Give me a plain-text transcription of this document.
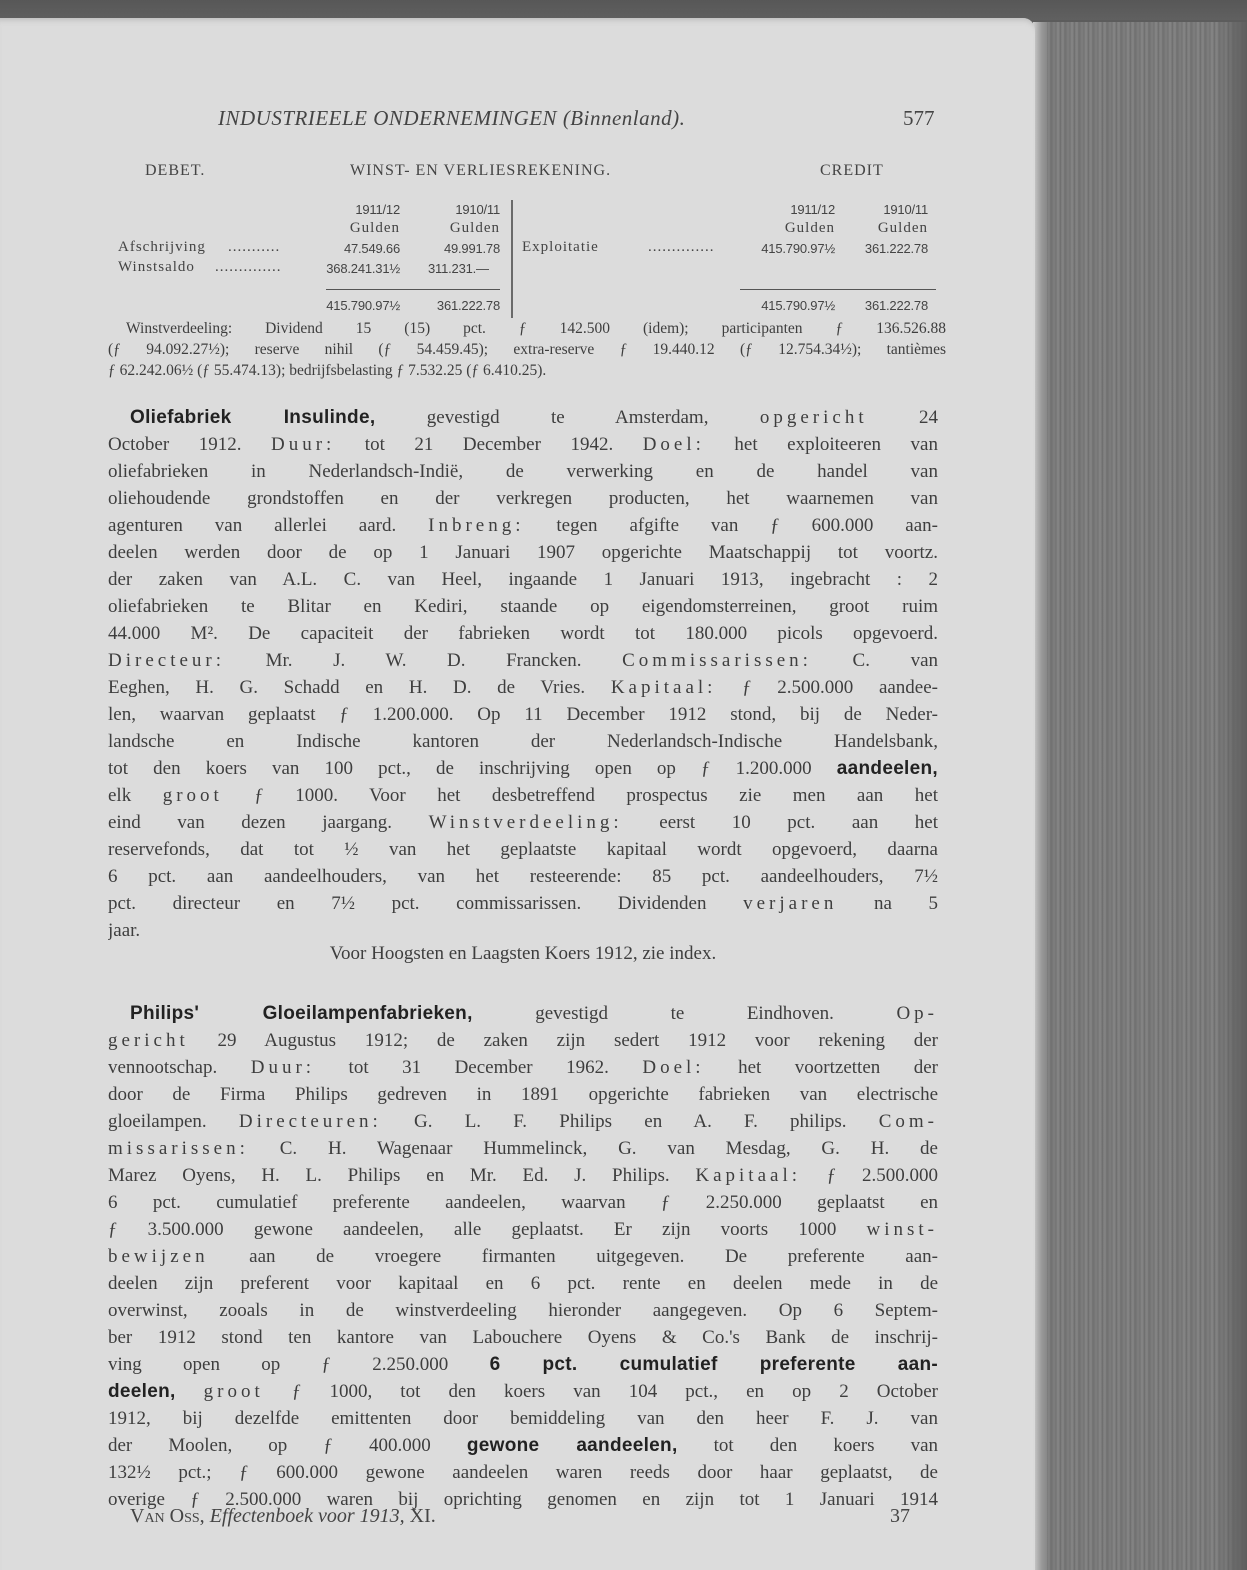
INDUSTRIEELE ONDERNEMINGEN (Binnenland).	577
DEBET.	WINST- EN VERLIESREKENING.	CREDIT
1911/12	1910/11
Gulden	Gulden
Afschrijving ...........	47.549.66	49.991.78
Winstsaldo ..............	368.241.31½	311.231.—
415.790.97½	361.222.78
1911/12	1910/11
Gulden	Gulden
Exploitatie	..............	415.790.97½	361.222.78
415.790.97½	361.222.78
Winstverdeeling: Dividend 15 (15) pct. ƒ 142.500 (idem); participanten ƒ 136.526.88
(ƒ 94.092.27½); reserve nihil (ƒ 54.459.45); extra-reserve ƒ 19.440.12 (ƒ 12.754.34½); tantièmes
ƒ 62.242.06½ (ƒ 55.474.13); bedrijfsbelasting ƒ 7.532.25 (ƒ 6.410.25).
Oliefabriek Insulinde, gevestigd te Amsterdam, opgericht 24
October 1912. Duur: tot 21 December 1942. Doel: het exploiteeren van
oliefabrieken in Nederlandsch-Indië, de verwerking en de handel van
oliehoudende grondstoffen en der verkregen producten, het waarnemen van
agenturen van allerlei aard. Inbreng: tegen afgifte van ƒ 600.000 aan-
deelen werden door de op 1 Januari 1907 opgerichte Maatschappij tot voortz.
der zaken van A.L. C. van Heel, ingaande 1 Januari 1913, ingebracht : 2
oliefabrieken te Blitar en Kediri, staande op eigendomsterreinen, groot ruim
44.000 M². De capaciteit der fabrieken wordt tot 180.000 picols opgevoerd.
Directeur: Mr. J. W. D. Francken. Commissarissen: C. van
Eeghen, H. G. Schadd en H. D. de Vries. Kapitaal: ƒ 2.500.000 aandee-
len, waarvan geplaatst ƒ 1.200.000. Op 11 December 1912 stond, bij de Neder-
landsche en Indische kantoren der Nederlandsch-Indische Handelsbank,
tot den koers van 100 pct., de inschrijving open op ƒ 1.200.000 aandeelen,
elk groot ƒ 1000. Voor het desbetreffend prospectus zie men aan het
eind van dezen jaargang. Winstverdeeling: eerst 10 pct. aan het
reservefonds, dat tot ½ van het geplaatste kapitaal wordt opgevoerd, daarna
6 pct. aan aandeelhouders, van het resteerende: 85 pct. aandeelhouders, 7½
pct. directeur en 7½ pct. commissarissen. Dividenden verjaren na 5
jaar.
Voor Hoogsten en Laagsten Koers 1912, zie index.
Philips' Gloeilampenfabrieken, gevestigd te Eindhoven. Op-
gericht 29 Augustus 1912; de zaken zijn sedert 1912 voor rekening der
vennootschap. Duur: tot 31 December 1962. Doel: het voortzetten der
door de Firma Philips gedreven in 1891 opgerichte fabrieken van electrische
gloeilampen. Directeuren: G. L. F. Philips en A. F. philips. Com-
missarissen: C. H. Wagenaar Hummelinck, G. van Mesdag, G. H. de
Marez Oyens, H. L. Philips en Mr. Ed. J. Philips. Kapitaal: ƒ 2.500.000
6 pct. cumulatief preferente aandeelen, waarvan ƒ 2.250.000 geplaatst en
ƒ 3.500.000 gewone aandeelen, alle geplaatst. Er zijn voorts 1000 winst-
bewijzen aan de vroegere firmanten uitgegeven. De preferente aan-
deelen zijn preferent voor kapitaal en 6 pct. rente en deelen mede in de
overwinst, zooals in de winstverdeeling hieronder aangegeven. Op 6 Septem-
ber 1912 stond ten kantore van Labouchere Oyens & Co.'s Bank de inschrij-
ving open op ƒ 2.250.000 6 pct. cumulatief preferente aan-
deelen, groot ƒ 1000, tot den koers van 104 pct., en op 2 October
1912, bij dezelfde emittenten door bemiddeling van den heer F. J. van
der Moolen, op ƒ 400.000 gewone aandeelen, tot den koers van
132½ pct.; ƒ 600.000 gewone aandeelen waren reeds door haar geplaatst, de
overige ƒ 2.500.000 waren bij oprichting genomen en zijn tot 1 Januari 1914
Van Oss, Effectenboek voor 1913, XI.	37
